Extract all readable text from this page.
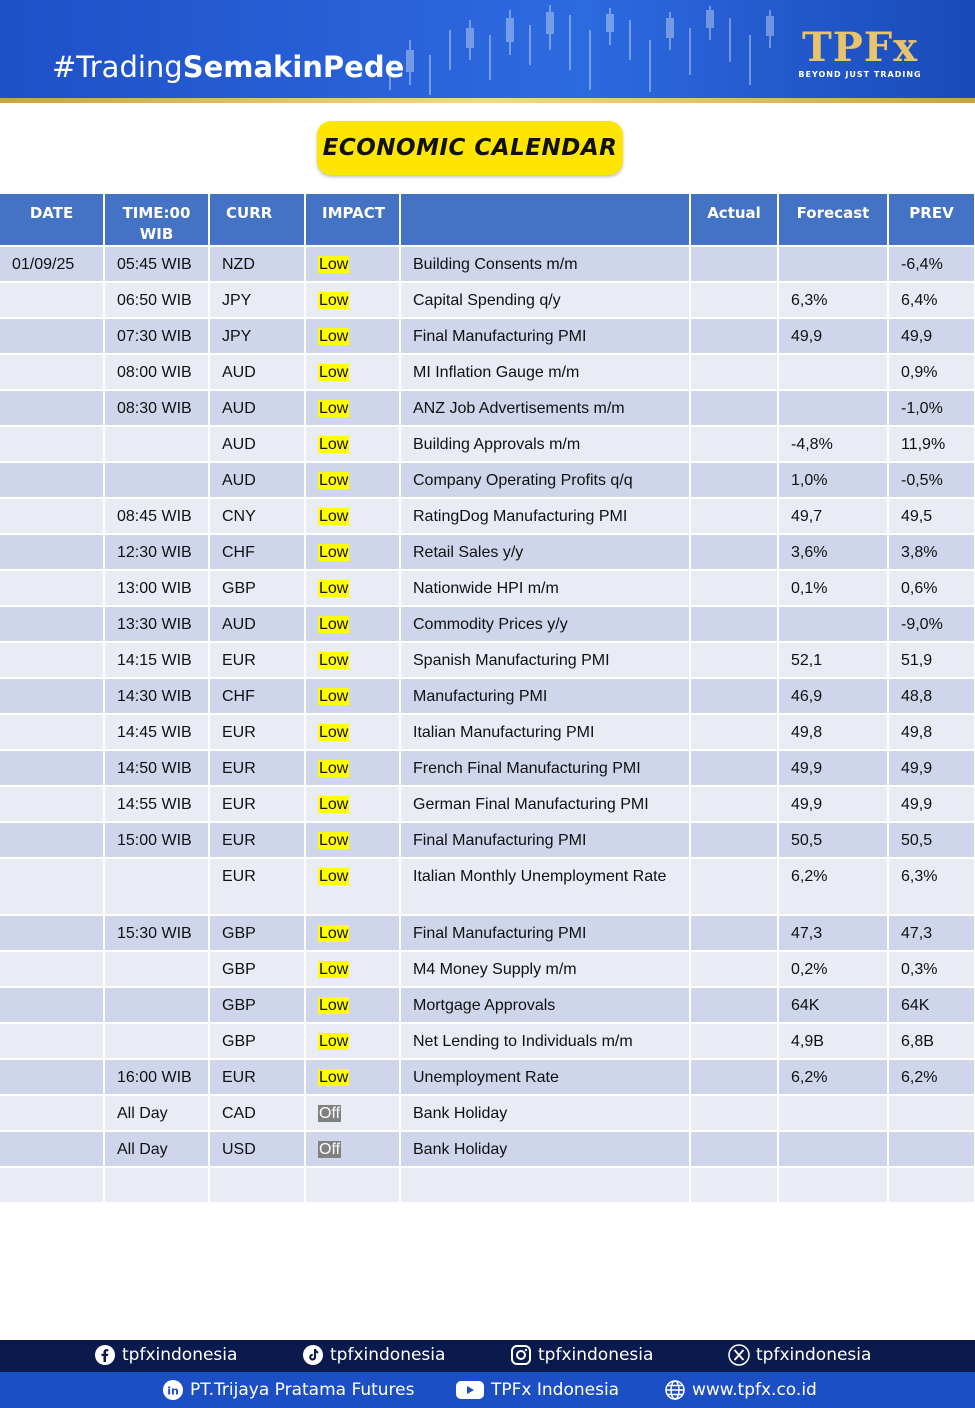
#TradingSemakinPede	TPFx
BEYOND JUST TRADING
ECONOMIC CALENDAR
DATE	TIME:00 WIB	CURR	IMPACT		Actual	Forecast	PREV
01/09/25	05:45 WIB	NZD	Low	Building Consents m/m			-6,4%
	06:50 WIB	JPY	Low	Capital Spending q/y		6,3%	6,4%
	07:30 WIB	JPY	Low	Final Manufacturing PMI		49,9	49,9
	08:00 WIB	AUD	Low	MI Inflation Gauge m/m			0,9%
	08:30 WIB	AUD	Low	ANZ Job Advertisements m/m			-1,0%
		AUD	Low	Building Approvals m/m		-4,8%	11,9%
		AUD	Low	Company Operating Profits q/q		1,0%	-0,5%
	08:45 WIB	CNY	Low	RatingDog Manufacturing PMI		49,7	49,5
	12:30 WIB	CHF	Low	Retail Sales y/y		3,6%	3,8%
	13:00 WIB	GBP	Low	Nationwide HPI m/m		0,1%	0,6%
	13:30 WIB	AUD	Low	Commodity Prices y/y			-9,0%
	14:15 WIB	EUR	Low	Spanish Manufacturing PMI		52,1	51,9
	14:30 WIB	CHF	Low	Manufacturing PMI		46,9	48,8
	14:45 WIB	EUR	Low	Italian Manufacturing PMI		49,8	49,8
	14:50 WIB	EUR	Low	French Final Manufacturing PMI		49,9	49,9
	14:55 WIB	EUR	Low	German Final Manufacturing PMI		49,9	49,9
	15:00 WIB	EUR	Low	Final Manufacturing PMI		50,5	50,5
		EUR	Low	Italian Monthly Unemployment Rate		6,2%	6,3%
	15:30 WIB	GBP	Low	Final Manufacturing PMI		47,3	47,3
		GBP	Low	M4 Money Supply m/m		0,2%	0,3%
		GBP	Low	Mortgage Approvals		64K	64K
		GBP	Low	Net Lending to Individuals m/m		4,9B	6,8B
	16:00 WIB	EUR	Low	Unemployment Rate		6,2%	6,2%
	All Day	CAD	Off	Bank Holiday			
	All Day	USD	Off	Bank Holiday			

tpfxindonesia	tpfxindonesia	tpfxindonesia	tpfxindonesia
in PT.Trijaya Pratama Futures	TPFx Indonesia	www.tpfx.co.id
